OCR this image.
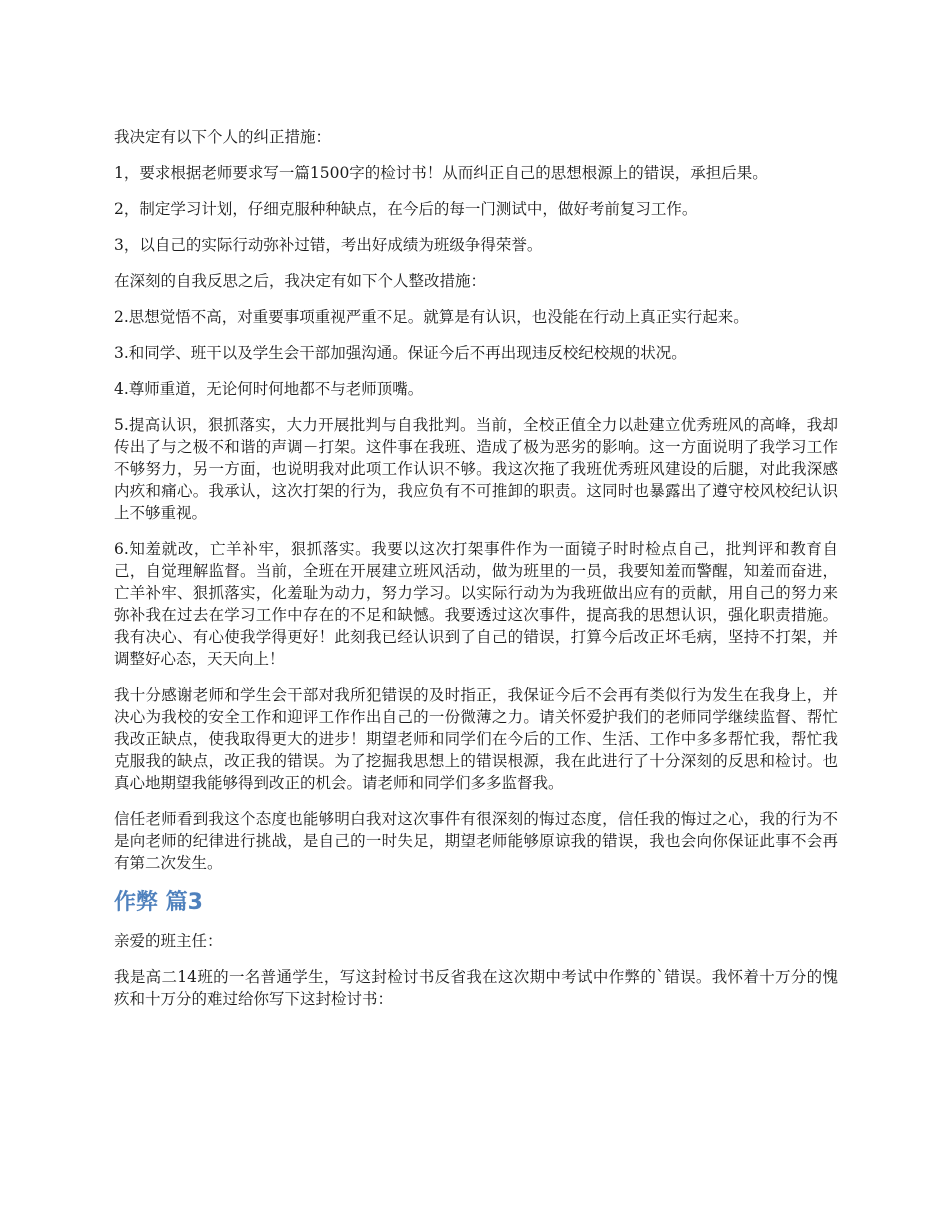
我决定有以下个人的纠正措施：

1，要求根据老师要求写一篇1500字的检讨书！从而纠正自己的思想根源上的错误，承担后果。

2，制定学习计划，仔细克服种种缺点，在今后的每一门测试中，做好考前复习工作。

3，以自己的实际行动弥补过错，考出好成绩为班级争得荣誉。

在深刻的自我反思之后，我决定有如下个人整改措施：

2.思想觉悟不高，对重要事项重视严重不足。就算是有认识，也没能在行动上真正实行起来。

3.和同学、班干以及学生会干部加强沟通。保证今后不再出现违反校纪校规的状况。

4.尊师重道，无论何时何地都不与老师顶嘴。

5.提高认识，狠抓落实，大力开展批判与自我批判。当前，全校正值全力以赴建立优秀班风的高峰，我却传出了与之极不和谐的声调－打架。这件事在我班、造成了极为恶劣的影响。这一方面说明了我学习工作不够努力，另一方面，也说明我对此项工作认识不够。我这次拖了我班优秀班风建设的后腿，对此我深感内疚和痛心。我承认，这次打架的行为，我应负有不可推卸的职责。这同时也暴露出了遵守校风校纪认识上不够重视。

6.知羞就改，亡羊补牢，狠抓落实。我要以这次打架事件作为一面镜子时时检点自己，批判评和教育自己，自觉理解监督。当前，全班在开展建立班风活动，做为班里的一员，我要知羞而警醒，知羞而奋进，亡羊补牢、狠抓落实，化羞耻为动力，努力学习。以实际行动为为我班做出应有的贡献，用自己的努力来弥补我在过去在学习工作中存在的不足和缺憾。我要透过这次事件，提高我的思想认识，强化职责措施。我有决心、有心使我学得更好！此刻我已经认识到了自己的错误，打算今后改正坏毛病，坚持不打架，并调整好心态，天天向上！

我十分感谢老师和学生会干部对我所犯错误的及时指正，我保证今后不会再有类似行为发生在我身上，并决心为我校的安全工作和迎评工作作出自己的一份微薄之力。请关怀爱护我们的老师同学继续监督、帮忙我改正缺点，使我取得更大的进步！期望老师和同学们在今后的工作、生活、工作中多多帮忙我，帮忙我克服我的缺点，改正我的错误。为了挖掘我思想上的错误根源，我在此进行了十分深刻的反思和检讨。也真心地期望我能够得到改正的机会。请老师和同学们多多监督我。

信任老师看到我这个态度也能够明白我对这次事件有很深刻的悔过态度，信任我的悔过之心，我的行为不是向老师的纪律进行挑战，是自己的一时失足，期望老师能够原谅我的错误，我也会向你保证此事不会再有第二次发生。

作弊 篇3

亲爱的班主任：

我是高二14班的一名普通学生，写这封检讨书反省我在这次期中考试中作弊的`错误。我怀着十万分的愧疚和十万分的难过给你写下这封检讨书：
